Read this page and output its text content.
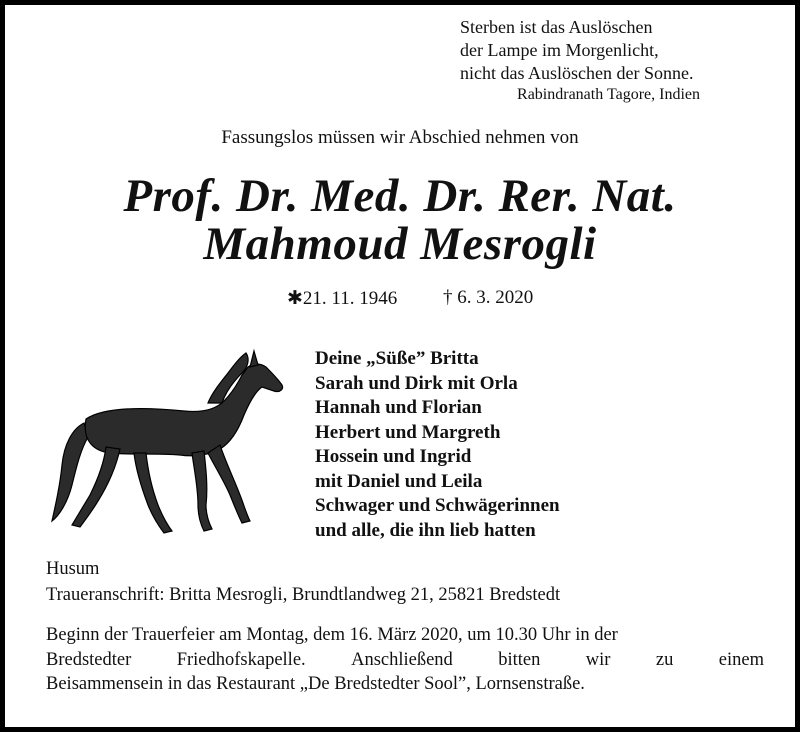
Sterben ist das Auslöschen
der Lampe im Morgenlicht,
nicht das Auslöschen der Sonne.
Rabindranath Tagore, Indien
Fassungslos müssen wir Abschied nehmen von
Prof. Dr. Med. Dr. Rer. Nat.
Mahmoud Mesrogli
✱21. 11. 1946 † 6. 3. 2020
Deine „Süße” Britta
Sarah und Dirk mit Orla
Hannah und Florian
Herbert und Margreth
Hossein und Ingrid
mit Daniel und Leila
Schwager und Schwägerinnen
und alle, die ihn lieb hatten
Husum
Traueranschrift: Britta Mesrogli, Brundtlandweg 21, 25821 Bredstedt
Beginn der Trauerfeier am Montag, dem 16. März 2020, um 10.30 Uhr in der
Bredstedter Friedhofskapelle. Anschließend bitten wir zu einem
Beisammensein in das Restaurant „De Bredstedter Sool”, Lornsenstraße.
